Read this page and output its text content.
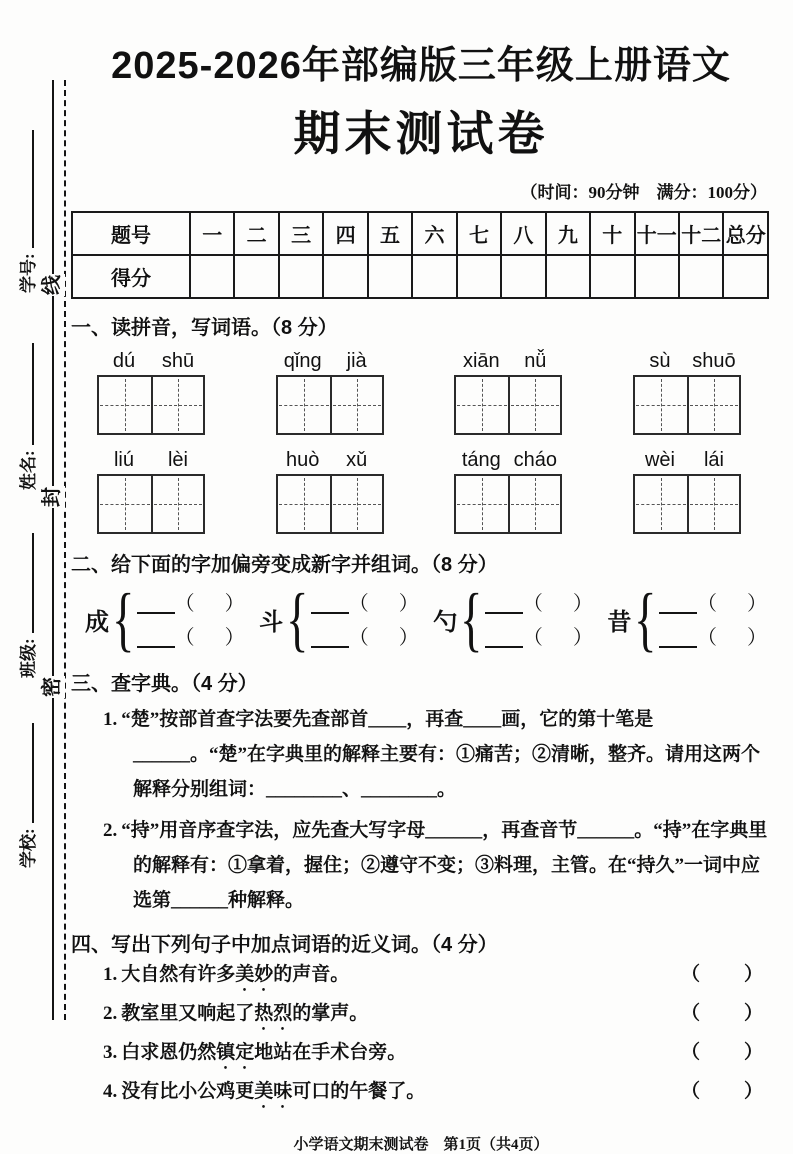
线
封
密
学号:
姓名:
班级:
学校:
2025-2026年部编版三年级上册语文
期末测试卷
（时间：90分钟　满分：100分）
题号	一	二	三	四	五	六	七	八	九	十	十一	十二	总分
得分													
一、读拼音，写词语。（8 分）
dú	shū	qǐng	jià	xiān	nǚ	sù	shuō
liú	lèi	huò	xǔ	táng cháo	wèi	lái
二、给下面的字加偏旁变成新字并组词。（8 分）
成 { （ ）
（ ）
斗 { （ ）
（ ）
勺 { （ ）
（ ）
昔 { （ ）
（ ）
三、查字典。（4 分）
1. “楚”按部首查字法要先查部首____，再查____画，它的第十笔是______。“楚”在字典里的解释主要有：①痛苦；②清晰，整齐。请用这两个解释分别组词：________、________。
2. “持”用音序查字法，应先查大写字母______，再查音节______。“持”在字典里的解释有：①拿着，握住；②遵守不变；③料理，主管。在“持久”一词中应选第______种解释。
四、写出下列句子中加点词语的近义词。（4 分）
1. 大自然有许多美妙的声音。	（　　）
2. 教室里又响起了热烈的掌声。	（　　）
3. 白求恩仍然镇定地站在手术台旁。	（　　）
4. 没有比小公鸡更美味可口的午餐了。	（　　）
小学语文期末测试卷　第1页（共4页）
